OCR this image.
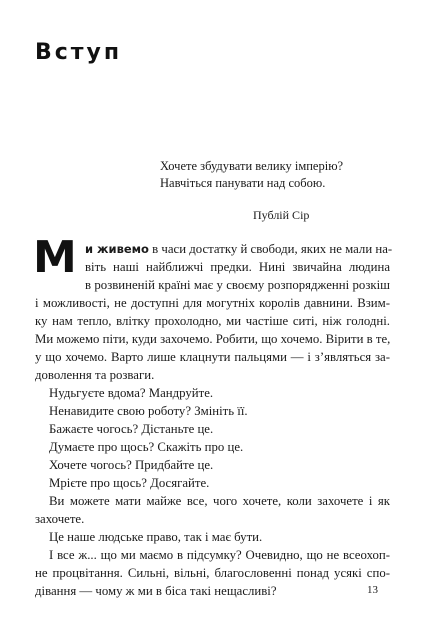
Вступ
Хочете збудувати велику імперію?
Навчіться панувати над собою.
Публій Сір
М и живемо в часи достатку й свободи, яких не мали на-
віть наші найближчі предки. Нині звичайна людина
в розвиненій країні має у своєму розпорядженні розкіш
і можливості, не доступні для могутніх королів давнини. Взим-
ку нам тепло, влітку прохолодно, ми частіше ситі, ніж голодні.
Ми можемо піти, куди захочемо. Робити, що хочемо. Вірити в те,
у що хочемо. Варто лише клацнути пальцями — і з’являться за-
доволення та розваги.
Нудьгуєте вдома? Мандруйте.
Ненавидите свою роботу? Змініть її.
Бажаєте чогось? Дістаньте це.
Думаєте про щось? Скажіть про це.
Хочете чогось? Придбайте це.
Мрієте про щось? Досягайте.
Ви можете мати майже все, чого хочете, коли захочете і як
захочете.
Це наше людське право, так і має бути.
І все ж... що ми маємо в підсумку? Очевидно, що не всеохоп-
не процвітання. Сильні, вільні, благословенні понад усякі спо-
дівання — чому ж ми в біса такі нещасливі?	13
